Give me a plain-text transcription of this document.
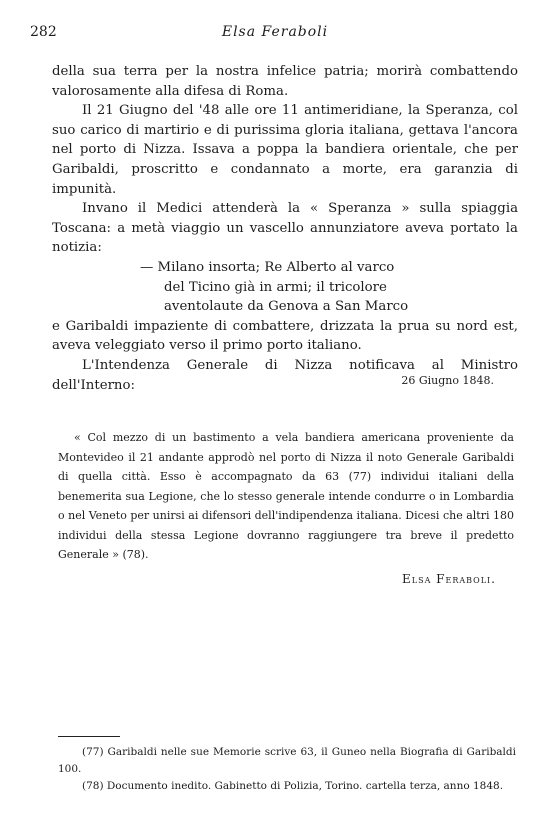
282	Elsa Feraboli

della sua terra per la nostra infelice patria; morirà combattendo valorosamente alla difesa di Roma.

Il 21 Giugno del '48 alle ore 11 antimeridiane, la Speranza, col suo carico di martirio e di purissima gloria italiana, gettava l'ancora nel porto di Nizza. Issava a poppa la bandiera orientale, che per Garibaldi, proscritto e condannato a morte, era garanzia di impunità.

Invano il Medici attenderà la « Speranza » sulla spiaggia Toscana: a metà viaggio un vascello annunziatore aveva portato la notizia:

— Milano insorta; Re Alberto al varco
del Ticino già in armi; il tricolore
aventolaute da Genova a San Marco

e Garibaldi impaziente di combattere, drizzata la prua su nord est, aveva veleggiato verso il primo porto italiano.

L'Intendenza Generale di Nizza notificava al Ministro dell'Interno:	26 Giugno 1848.

« Col mezzo di un bastimento a vela bandiera americana proveniente da Montevideo il 21 andante approdò nel porto di Nizza il noto Generale Garibaldi di quella città. Esso è accompagnato da 63 (77) individui italiani della benemerita sua Legione, che lo stesso generale intende condurre o in Lombardia o nel Veneto per unirsi ai difensori dell'indipendenza italiana. Dicesi che altri 180 individui della stessa Legione dovranno raggiungere tra breve il predetto Generale » (78).

Elsa Feraboli.

(77) Garibaldi nelle sue Memorie scrive 63, il Guneo nella Biografia di Garibaldi 100.

(78) Documento inedito. Gabinetto di Polizia, Torino. cartella terza, anno 1848.
